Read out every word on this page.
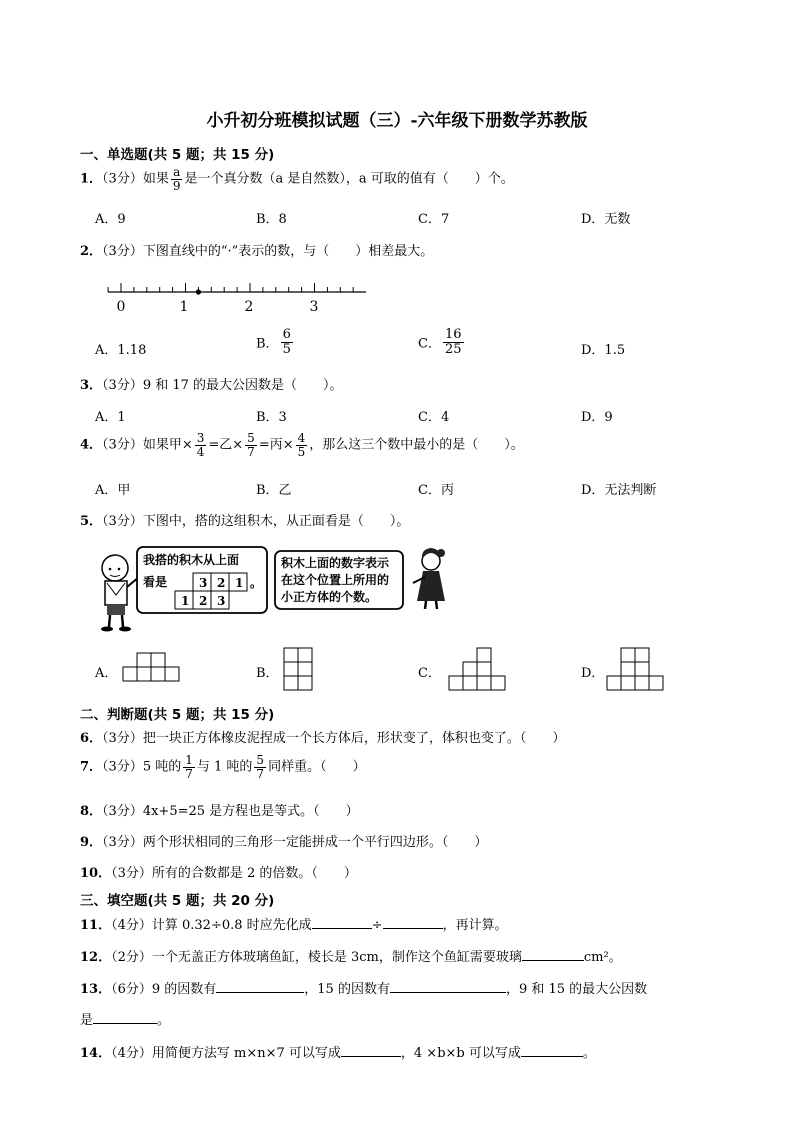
小升初分班模拟试题（三）-六年级下册数学苏教版
一、单选题(共 5 题；共 15 分)
1．（3分）如果 $\frac{a}{9}$ 是一个真分数（a 是自然数），a 可取的值有（　　）个。
A．9	B．8	C．7	D．无数
2．（3分）下图直线中的“·”表示的数，与（　　）相差最大。
0	1	2	3
A．1.18	B． $\frac{6}{5}$	C． $\frac{16}{25}$	D．1.5
3．（3分）9 和 17 的最大公因数是（　　）。
A．1	B．3	C．4	D．9
4．（3分）如果甲× $\frac{3}{4}$ =乙× $\frac{5}{7}$ =丙× $\frac{4}{5}$ ，那么这三个数中最小的是（　　）。
A．甲	B．乙	C．丙	D．无法判断
5．（3分）下图中，搭的这组积木，从正面看是（　　）。
我搭的积木从上面
看是	3 2 1 。
1 2 3
积木上面的数字表示
在这个位置上所用的
小正方体的个数。
A．	B．	C．	D．
二、判断题(共 5 题；共 15 分)
6．（3分）把一块正方体橡皮泥捏成一个长方体后，形状变了，体积也变了。（　　）
7．（3分）5 吨的 $\frac{1}{7}$ 与 1 吨的 $\frac{5}{7}$ 同样重。（　　）
8．（3分）4x+5=25 是方程也是等式。（　　）
9．（3分）两个形状相同的三角形一定能拼成一个平行四边形。（　　）
10．（3分）所有的合数都是 2 的倍数。（　　）
三、填空题(共 5 题；共 20 分)
11．（4分）计算 0.32÷0.8 时应先化成	÷	，再计算。
12．（2分）一个无盖正方体玻璃鱼缸，棱长是 3cm，制作这个鱼缸需要玻璃	cm²。
13．（6分）9 的因数有	，15 的因数有	，9 和 15 的最大公因数
是	。
14．（4分）用简便方法写 m×n×7 可以写成	，4 ×b×b 可以写成	。
